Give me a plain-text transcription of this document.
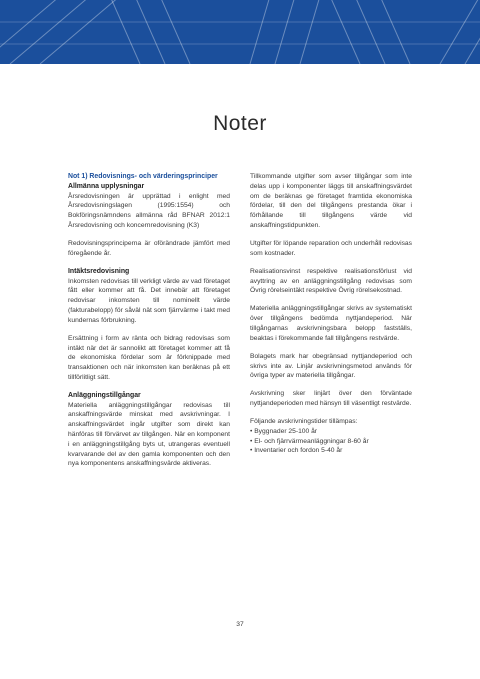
Noter
Not 1) Redovisnings- och värderingsprinciper
Allmänna upplysningar

Årsredovisningen är upprättad i enlight med Årsredovisningslagen (1995:1554) och Bokföringsnämndens allmänna råd BFNAR 2012:1 Årsredovisning och koncernredovisning (K3)

Redovisningsprinciperna är oförändrade jämfört med föregående år.

Intäktsredovisning

Inkomsten redovisas till verkligt värde av vad företaget fått eller kommer att få. Det innebär att företaget redovisar inkomsten till nominellt värde (fakturabelopp) för såväl nät som fjärrvärme i takt med kundernas förbrukning.

Ersättning i form av ränta och bidrag redovisas som intäkt när det är sannolikt att företaget kommer att få de ekonomiska fördelar som är förknippade med transaktionen och när inkomsten kan beräknas på ett tillförlitligt sätt.

Anläggningstillgångar

Materiella anläggningstillgångar redovisas till anskaffningsvärde minskat med avskrivningar. I anskaffningsvärdet ingår utgifter som direkt kan hänföras till förvärvet av tillgången. När en komponent i en anläggningstillgång byts ut, utrangeras eventuell kvarvarande del av den gamla komponenten och den nya komponentens anskaffningsvärde aktiveras.

Tillkommande utgifter som avser tillgångar som inte delas upp i komponenter läggs till anskaffningsvärdet om de beräknas ge företaget framtida ekonomiska fördelar, till den del tillgångens prestanda ökar i förhållande till tillgångens värde vid anskaffningstidpunkten.

Utgifter för löpande reparation och underhåll redovisas som kostnader.

Realisationsvinst respektive realisationsförlust vid avyttring av en anläggningstillgång redovisas som Övrig rörelseintäkt respektive Övrig rörelsekostnad.

Materiella anläggningstillgångar skrivs av systematiskt över tillgångens bedömda nyttjandeperiod. När tillgångarnas avskrivningsbara belopp fastställs, beaktas i förekommande fall tillgångens restvärde.

Bolagets mark har obegränsad nyttjandeperiod och skrivs inte av. Linjär avskrivningsmetod används för övriga typer av materiella tillgångar.

Avskrivning sker linjärt över den förväntade nyttjandeperioden med hänsyn till väsentligt restvärde.

Följande avskrivningstider tillämpas:
• Byggnader 25-100 år
• El- och fjärrvärmeanläggningar 8-60 år
• Inventarier och fordon 5-40 år
37
